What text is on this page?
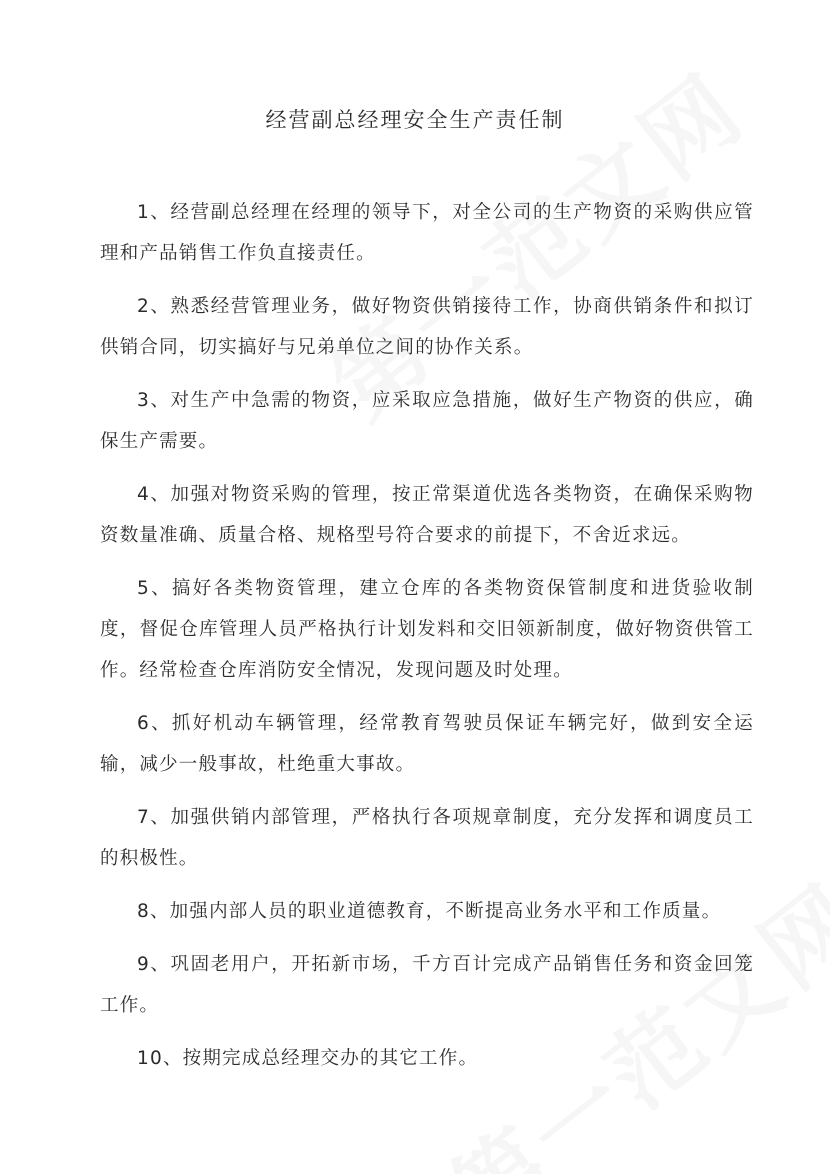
经营副总经理安全生产责任制

1、经营副总经理在经理的领导下，对全公司的生产物资的采购供应管理和产品销售工作负直接责任。

2、熟悉经营管理业务，做好物资供销接待工作，协商供销条件和拟订供销合同，切实搞好与兄弟单位之间的协作关系。

3、对生产中急需的物资，应采取应急措施，做好生产物资的供应，确保生产需要。

4、加强对物资采购的管理，按正常渠道优选各类物资，在确保采购物资数量准确、质量合格、规格型号符合要求的前提下，不舍近求远。

5、搞好各类物资管理，建立仓库的各类物资保管制度和进货验收制度，督促仓库管理人员严格执行计划发料和交旧领新制度，做好物资供管工作。经常检查仓库消防安全情况，发现问题及时处理。

6、抓好机动车辆管理，经常教育驾驶员保证车辆完好，做到安全运输，减少一般事故，杜绝重大事故。

7、加强供销内部管理，严格执行各项规章制度，充分发挥和调度员工的积极性。

8、加强内部人员的职业道德教育，不断提高业务水平和工作质量。

9、巩固老用户，开拓新市场，千方百计完成产品销售任务和资金回笼工作。

10、按期完成总经理交办的其它工作。
